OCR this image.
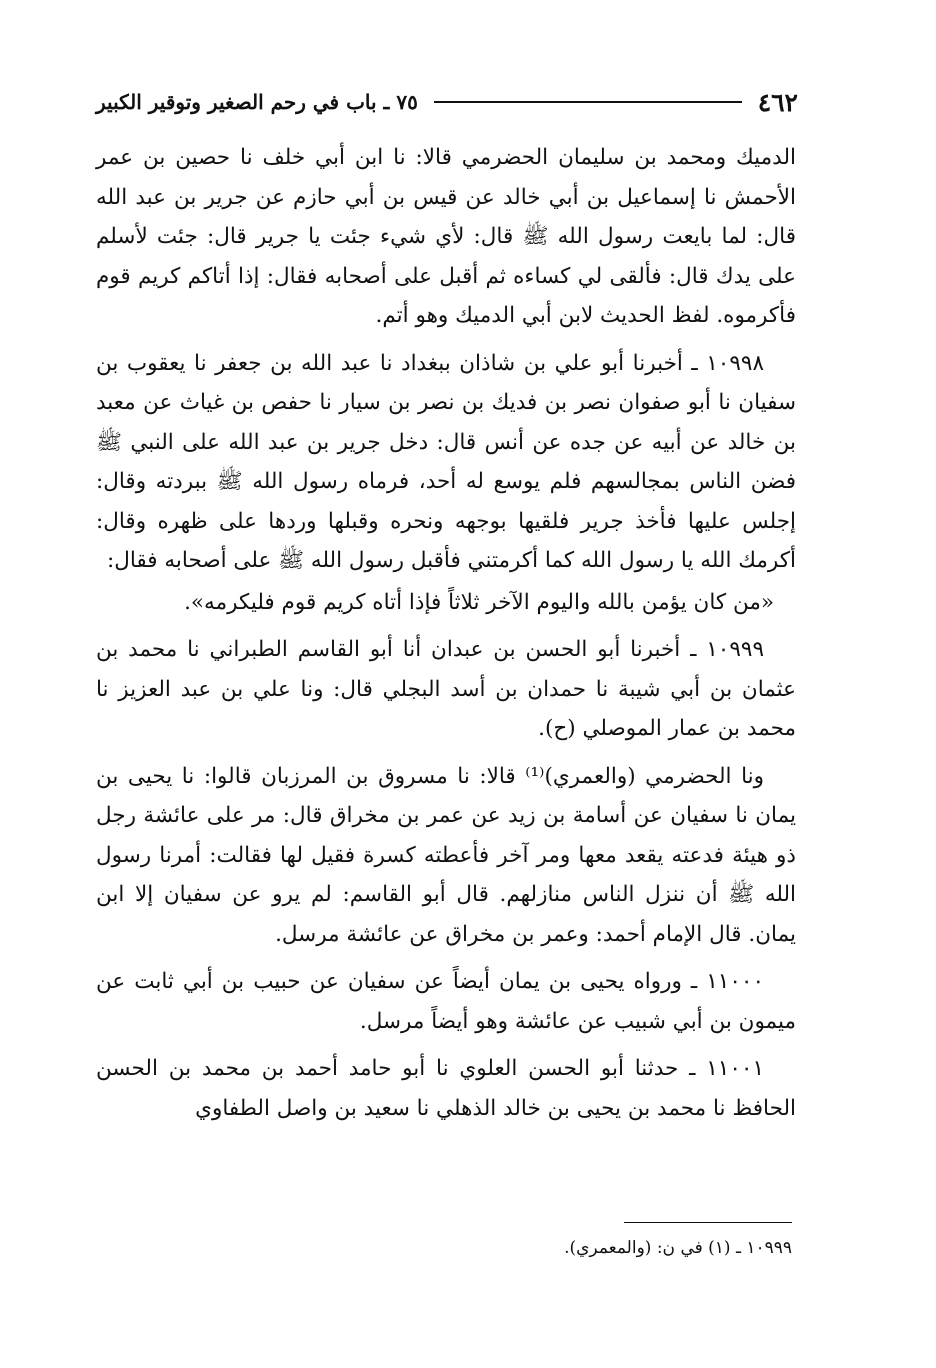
٤٦٢
٧٥ ـ باب في رحم الصغير وتوقير الكبير

الدميك ومحمد بن سليمان الحضرمي قالا: نا ابن أبي خلف نا حصين بن عمر الأحمش نا إسماعيل بن أبي خالد عن قيس بن أبي حازم عن جرير بن عبد الله قال: لما بايعت رسول الله ﷺ قال: لأي شيء جئت يا جرير قال: جئت لأسلم على يدك قال: فألقى لي كساءه ثم أقبل على أصحابه فقال: إذا أتاكم كريم قوم فأكرموه. لفظ الحديث لابن أبي الدميك وهو أتم.

١٠٩٩٨ ـ أخبرنا أبو علي بن شاذان ببغداد نا عبد الله بن جعفر نا يعقوب بن سفيان نا أبو صفوان نصر بن فديك بن نصر بن سيار نا حفص بن غياث عن معبد بن خالد عن أبيه عن جده عن أنس قال: دخل جرير بن عبد الله على النبي ﷺ فضن الناس بمجالسهم فلم يوسع له أحد، فرماه رسول الله ﷺ ببردته وقال: إجلس عليها فأخذ جرير فلقيها بوجهه ونحره وقبلها وردها على ظهره وقال: أكرمك الله يا رسول الله كما أكرمتني فأقبل رسول الله ﷺ على أصحابه فقال:

«من كان يؤمن بالله واليوم الآخر ثلاثاً فإذا أتاه كريم قوم فليكرمه».

١٠٩٩٩ ـ أخبرنا أبو الحسن بن عبدان أنا أبو القاسم الطبراني نا محمد بن عثمان بن أبي شيبة نا حمدان بن أسد البجلي قال: ونا علي بن عبد العزيز نا محمد بن عمار الموصلي (ح).

ونا الحضرمي (والعمري)⁽¹⁾ قالا: نا مسروق بن المرزبان قالوا: نا يحيى بن يمان نا سفيان عن أسامة بن زيد عن عمر بن مخراق قال: مر على عائشة رجل ذو هيئة فدعته يقعد معها ومر آخر فأعطته كسرة فقيل لها فقالت: أمرنا رسول الله ﷺ أن ننزل الناس منازلهم. قال أبو القاسم: لم يرو عن سفيان إلا ابن يمان. قال الإمام أحمد: وعمر بن مخراق عن عائشة مرسل.

١١٠٠٠ ـ ورواه يحيى بن يمان أيضاً عن سفيان عن حبيب بن أبي ثابت عن ميمون بن أبي شبيب عن عائشة وهو أيضاً مرسل.

١١٠٠١ ـ حدثنا أبو الحسن العلوي نا أبو حامد أحمد بن محمد بن الحسن الحافظ نا محمد بن يحيى بن خالد الذهلي نا سعيد بن واصل الطفاوي

١٠٩٩٩ ـ (١) في ن: (والمعمري).
